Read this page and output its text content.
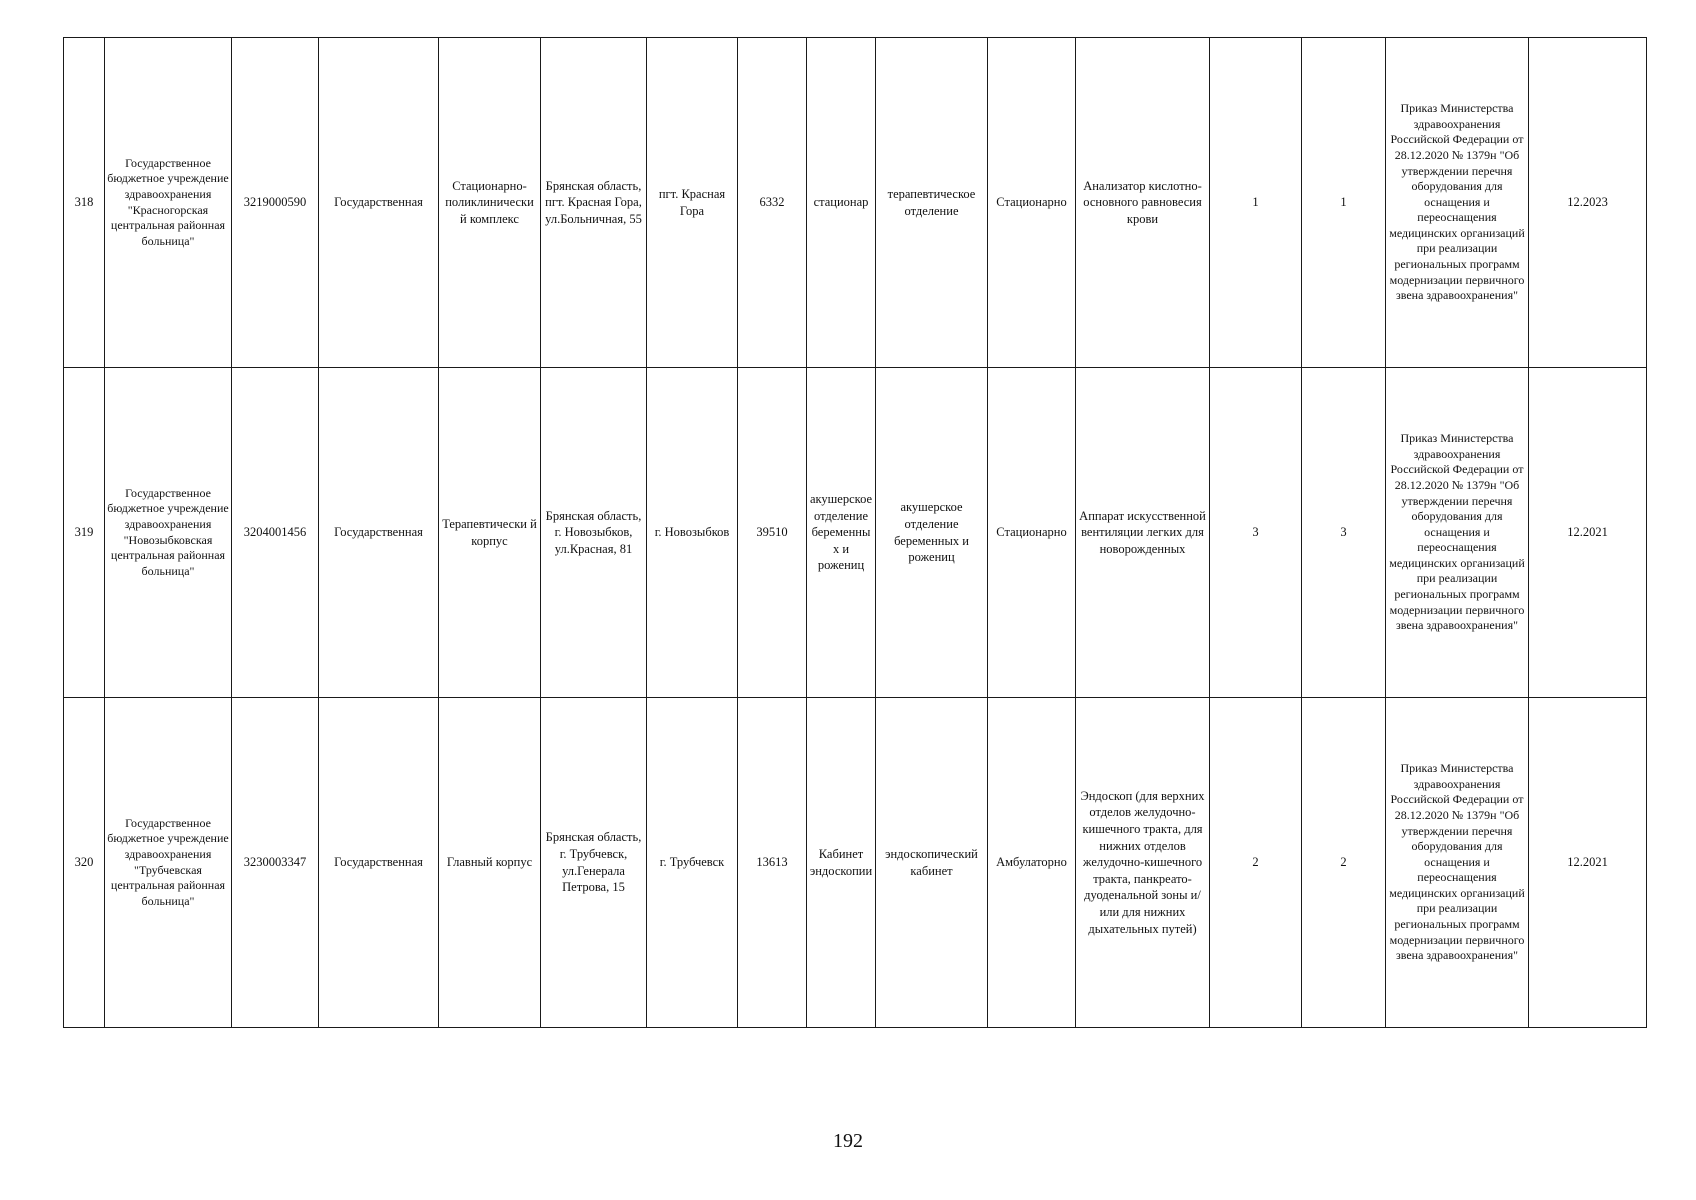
318	Государственное бюджетное учреждение здравоохранения "Красногорская центральная районная больница"	3219000590	Государственная	Стационарно-поликлинически й комплекс	Брянская область, пгт. Красная Гора, ул.Больничная, 55	пгт. Красная Гора	6332	стационар	терапевтическое отделение	Стационарно	Анализатор кислотно-основного равновесия крови	1	1	Приказ Министерства здравоохранения Российской Федерации от 28.12.2020 № 1379н "Об утверждении перечня оборудования для оснащения и переоснащения медицинских организаций при реализации региональных программ модернизации первичного звена здравоохранения"	12.2023
319	Государственное бюджетное учреждение здравоохранения "Новозыбковская центральная районная больница"	3204001456	Государственная	Терапевтически й корпус	Брянская область, г. Новозыбков, ул.Красная, 81	г. Новозыбков	39510	акушерское отделение беременны х и рожениц	акушерское отделение беременных и рожениц	Стационарно	Аппарат искусственной вентиляции легких для новорожденных	3	3	Приказ Министерства здравоохранения Российской Федерации от 28.12.2020 № 1379н "Об утверждении перечня оборудования для оснащения и переоснащения медицинских организаций при реализации региональных программ модернизации первичного звена здравоохранения"	12.2021
320	Государственное бюджетное учреждение здравоохранения "Трубчевская центральная районная больница"	3230003347	Государственная	Главный корпус	Брянская область, г. Трубчевск, ул.Генерала Петрова, 15	г. Трубчевск	13613	Кабинет эндоскопии	эндоскопический кабинет	Амбулаторно	Эндоскоп (для верхних отделов желудочно-кишечного тракта, для нижних отделов желудочно-кишечного тракта, панкреато-дуоденальной зоны и/или для нижних дыхательных путей)	2	2	Приказ Министерства здравоохранения Российской Федерации от 28.12.2020 № 1379н "Об утверждении перечня оборудования для оснащения и переоснащения медицинских организаций при реализации региональных программ модернизации первичного звена здравоохранения"	12.2021
192
